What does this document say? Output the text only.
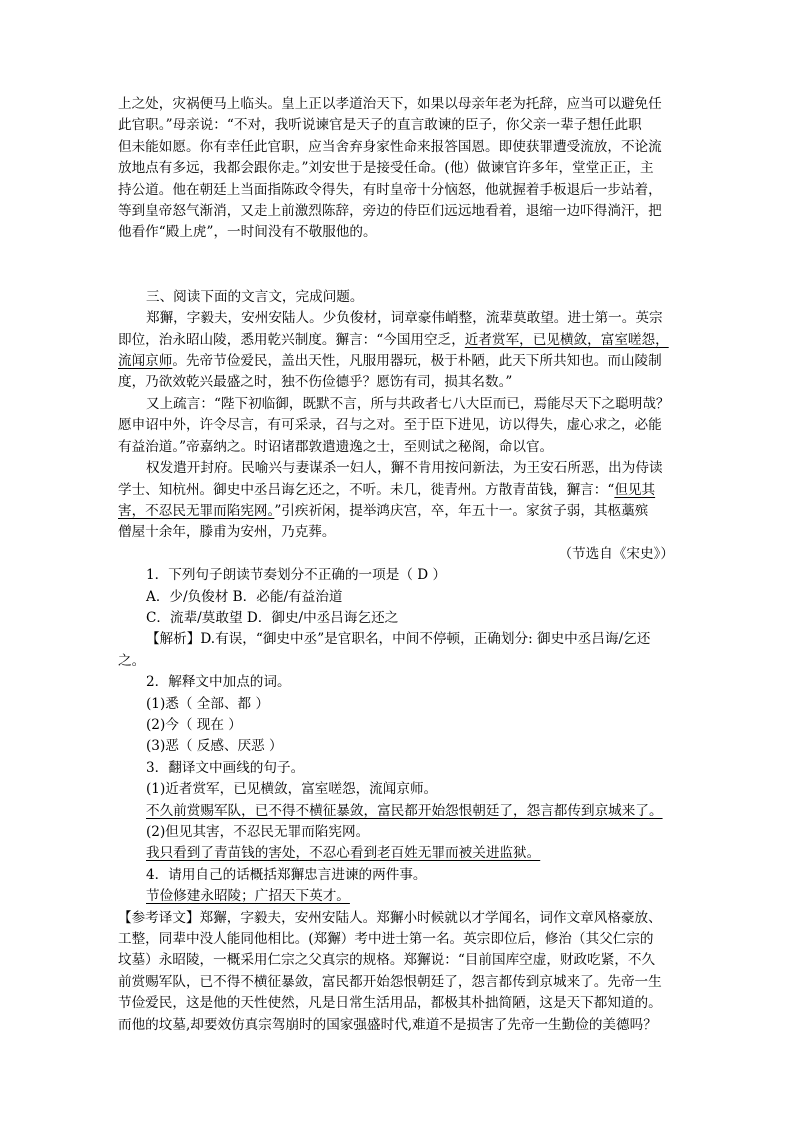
上之处，灾祸便马上临头。皇上正以孝道治天下，如果以母亲年老为托辞，应当可以避免任

此官职。”母亲说：“不对，我听说谏官是天子的直言敢谏的臣子，你父亲一辈子想任此职

但未能如愿。你有幸任此官职，应当舍弃身家性命来报答国恩。即使获罪遭受流放，不论流

放地点有多远，我都会跟你走。”刘安世于是接受任命。(他）做谏官许多年，堂堂正正，主

持公道。他在朝廷上当面指陈政令得失，有时皇帝十分恼怒，他就握着手板退后一步站着，

等到皇帝怒气渐消，又走上前激烈陈辞，旁边的侍臣们远远地看着，退缩一边吓得淌汗，把

他看作“殿上虎”，一时间没有不敬服他的。

三、阅读下面的文言文，完成问题。

郑獬，字毅夫，安州安陆人。少负俊材，词章豪伟峭整，流辈莫敢望。进士第一。英宗

即位，治永昭山陵，悉用乾兴制度。獬言：“今国用空乏，近者赏军，已见横敛，富室嗟怨，

流闻京师。先帝节俭爱民，盖出天性，凡服用器玩，极于朴陋，此天下所共知也。而山陵制

度，乃欲效乾兴最盛之时，独不伤俭德乎？愿饬有司，损其名数。”

又上疏言：“陛下初临御，既默不言，所与共政者七八大臣而已，焉能尽天下之聪明哉？

愿申诏中外，许令尽言，有可采录，召与之对。至于臣下进见，访以得失，虚心求之，必能

有益治道。”帝嘉纳之。时诏诸郡敦遣遗逸之士，至则试之秘阁，命以官。

权发遣开封府。民喻兴与妻谋杀一妇人，獬不肯用按问新法，为王安石所恶，出为侍读

学士、知杭州。御史中丞吕诲乞还之，不听。未几，徙青州。方散青苗钱，獬言：“但见其

害，不忍民无罪而陷宪网。”引疾祈闲，提举鸿庆宫，卒，年五十一。家贫子弱，其柩藁殡

僧屋十余年，滕甫为安州，乃克葬。

（节选自《宋史》）

1．下列句子朗读节奏划分不正确的一项是（ D ）

A．少/负俊材 B．必能/有益治道

C．流辈/莫敢望 D．御史/中丞吕诲乞还之

【解析】D.有误，“御史中丞”是官职名，中间不停顿，正确划分: 御史中丞吕诲/乞还

之。

2．解释文中加点的词。

(1)悉（ 全部、都 ）

(2)今（ 现在 ）

(3)恶（ 反感、厌恶 ）

3．翻译文中画线的句子。

(1)近者赏军，已见横敛，富室嗟怨，流闻京师。

不久前赏赐军队，已不得不横征暴敛，富民都开始怨恨朝廷了，怨言都传到京城来了。

(2)但见其害，不忍民无罪而陷宪网。

我只看到了青苗钱的害处，不忍心看到老百姓无罪而被关进监狱。

4．请用自己的话概括郑獬忠言进谏的两件事。

节俭修建永昭陵；广招天下英才。

【参考译文】郑獬，字毅夫，安州安陆人。郑獬小时候就以才学闻名，词作文章风格豪放、

工整，同辈中没人能同他相比。(郑獬）考中进士第一名。英宗即位后，修治（其父仁宗的

坟墓）永昭陵，一概采用仁宗之父真宗的规格。郑獬说：“目前国库空虚，财政吃紧，不久

前赏赐军队，已不得不横征暴敛，富民都开始怨恨朝廷了，怨言都传到京城来了。先帝一生

节俭爱民，这是他的天性使然，凡是日常生活用品，都极其朴拙简陋，这是天下都知道的。

而他的坟墓,却要效仿真宗驾崩时的国家强盛时代,难道不是损害了先帝一生勤俭的美德吗？
